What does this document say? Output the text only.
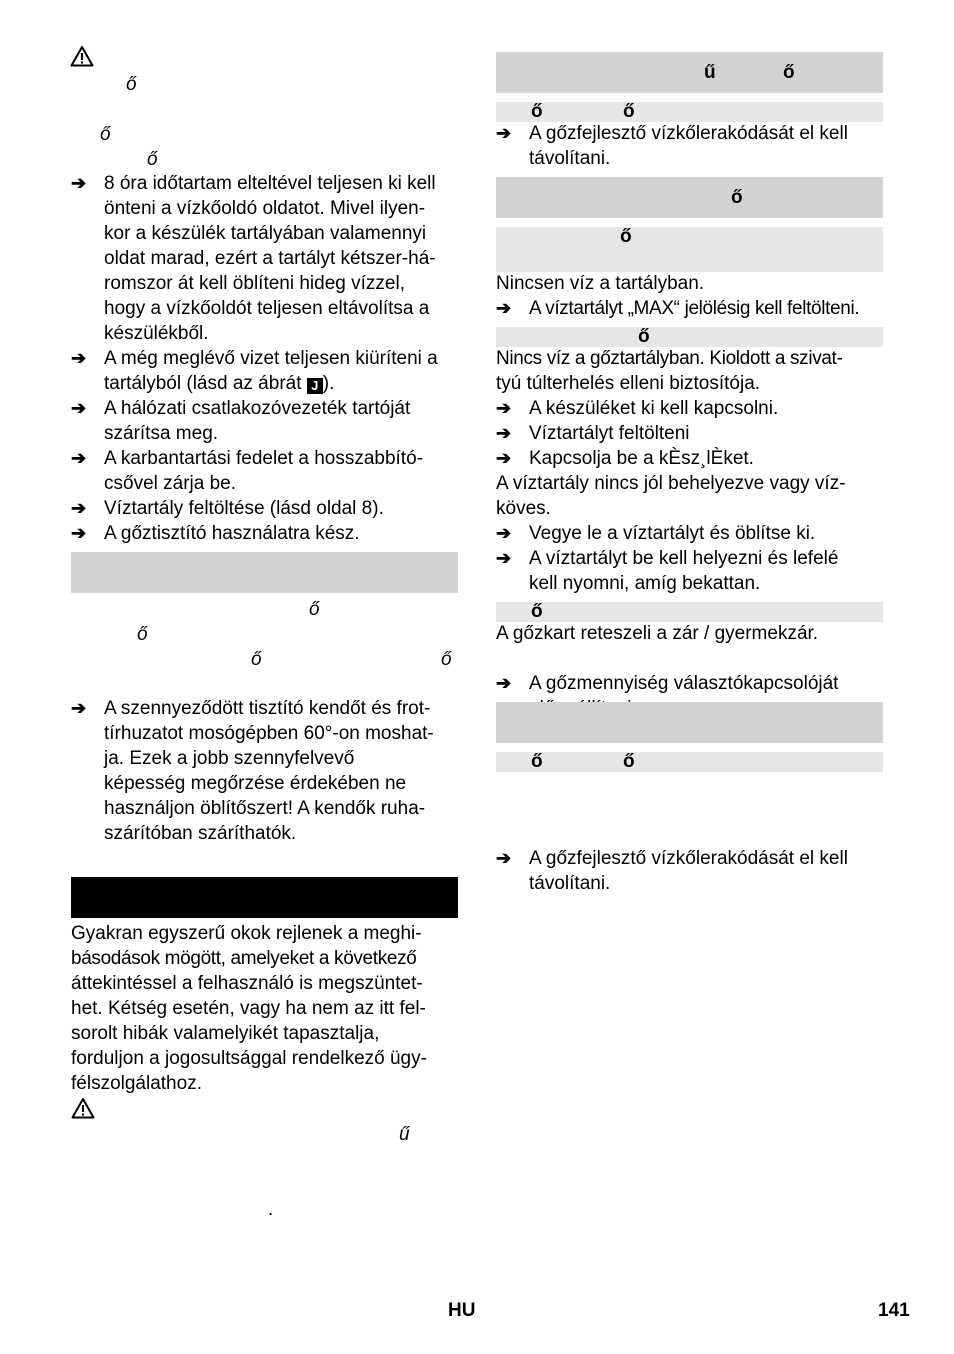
ő
ő
ő
➔ 8 óra időtartam elteltével teljesen ki kell
önteni a vízkőoldó oldatot. Mivel ilyen-
kor a készülék tartályában valamennyi
oldat marad, ezért a tartályt kétszer-há-
romszor át kell öblíteni hideg vízzel,
hogy a vízkőoldót teljesen eltávolítsa a
készülékből.
➔ A még meglévő vizet teljesen kiüríteni a
tartályból (lásd az ábrát J ).
➔ A hálózati csatlakozóvezeték tartóját
szárítsa meg.
➔ A karbantartási fedelet a hosszabbító-
csővel zárja be.
➔ Víztartály feltöltése (lásd oldal 8).
➔ A gőztisztító használatra kész.
ő
ő
ő	ő
➔ A szennyeződött tisztító kendőt és frot-
tírhuzatot mosógépben 60°-on moshat-
ja. Ezek a jobb szennyfelvevő
képesség megőrzése érdekében ne
használjon öblítőszert! A kendők ruha-
szárítóban száríthatók.
Gyakran egyszerű okok rejlenek a meghi-
básodások mögött, amelyeket a következő
áttekintéssel a felhasználó is megszüntet-
het. Kétség esetén, vagy ha nem az itt fel-
sorolt hibák valamelyikét tapasztalja,
forduljon a jogosultsággal rendelkező ügy-
félszolgálathoz.
ű
.
ű	ő
ő	ő
➔ A gőzfejlesztő vízkőlerakódását el kell
távolítani.
ő
ő
Nincsen víz a tartályban.
➔ A víztartályt „MAX“ jelölésig kell feltölteni.
ő
Nincs víz a gőztartályban. Kioldott a szivat-
tyú túlterhelés elleni biztosítója.
➔ A készüléket ki kell kapcsolni.
➔ Víztartályt feltölteni
➔ Kapcsolja be a kÈsz¸lÈket.
A víztartály nincs jól behelyezve vagy víz-
köves.
➔ Vegye le a víztartályt és öblítse ki.
➔ A víztartályt be kell helyezni és lefelé
kell nyomni, amíg bekattan.
ő
A gőzkart reteszeli a zár / gyermekzár.
➔ A gőzmennyiség választókapcsolóját
ő	ő
➔ A gőzfejlesztő vízkőlerakódását el kell
távolítani.
HU	141
